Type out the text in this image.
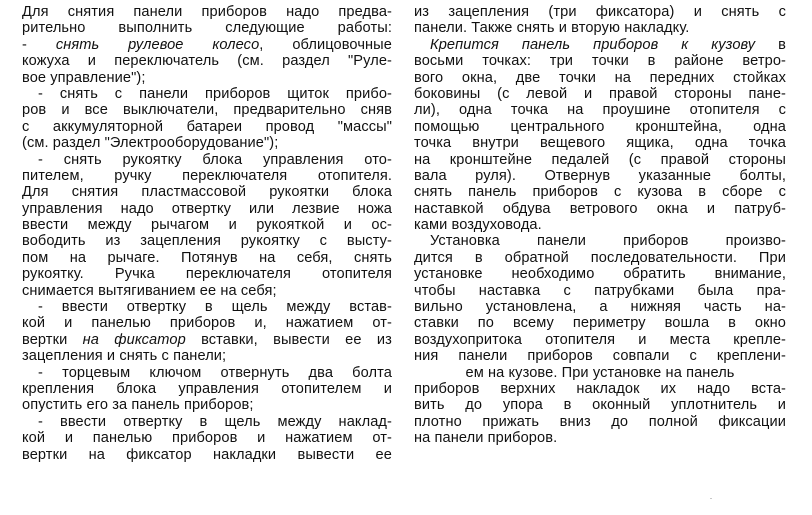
Для снятия панели приборов надо предва-
рительно выполнить следующие работы:
- снять рулевое колесо, облицовочные
кожуха и переключатель (см. раздел "Руле-
вое управление");
- снять с панели приборов щиток прибо-
ров и все выключатели, предварительно сняв
с аккумуляторной батареи провод "массы"
(см. раздел "Электрооборудование");
- снять рукоятку блока управления ото-
пителем, ручку переключателя отопителя.
Для снятия пластмассовой рукоятки блока
управления надо отвертку или лезвие ножа
ввести между рычагом и рукояткой и ос-
вободить из зацепления рукоятку с высту-
пом на рычаге. Потянув на себя, снять
рукоятку. Ручка переключателя отопителя
снимается вытягиванием ее на себя;
- ввести отвертку в щель между встав-
кой и панелью приборов и, нажатием от-
вертки на фиксатор вставки, вывести ее из
зацепления и снять с панели;
- торцевым ключом отвернуть два болта
крепления блока управления отопителем и
опустить его за панель приборов;
- ввести отвертку в щель между наклад-
кой и панелью приборов и нажатием от-
вертки на фиксатор накладки вывести ее
из зацепления (три фиксатора) и снять с
панели. Также снять и вторую накладку.
Крепится панель приборов к кузову в
восьми точках: три точки в районе ветро-
вого окна, две точки на передних стойках
боковины (с левой и правой стороны пане-
ли), одна точка на проушине отопителя с
помощью центрального кронштейна, одна
точка внутри вещевого ящика, одна точка
на кронштейне педалей (с правой стороны
вала руля). Отвернув указанные болты,
снять панель приборов с кузова в сборе с
наставкой обдува ветрового окна и патруб-
ками воздуховода.
Установка панели приборов произво-
дится в обратной последовательности. При
установке необходимо обратить внимание,
чтобы наставка с патрубками была пра-
вильно установлена, а нижняя часть на-
ставки по всему периметру вошла в окно
воздухопритока отопителя и места крепле-
ния панели приборов совпали с креплени-
ем на кузове. При установке на панель
приборов верхних накладок их надо вста-
вить до упора в оконный уплотнитель и
плотно прижать вниз до полной фиксации
на панели приборов.
